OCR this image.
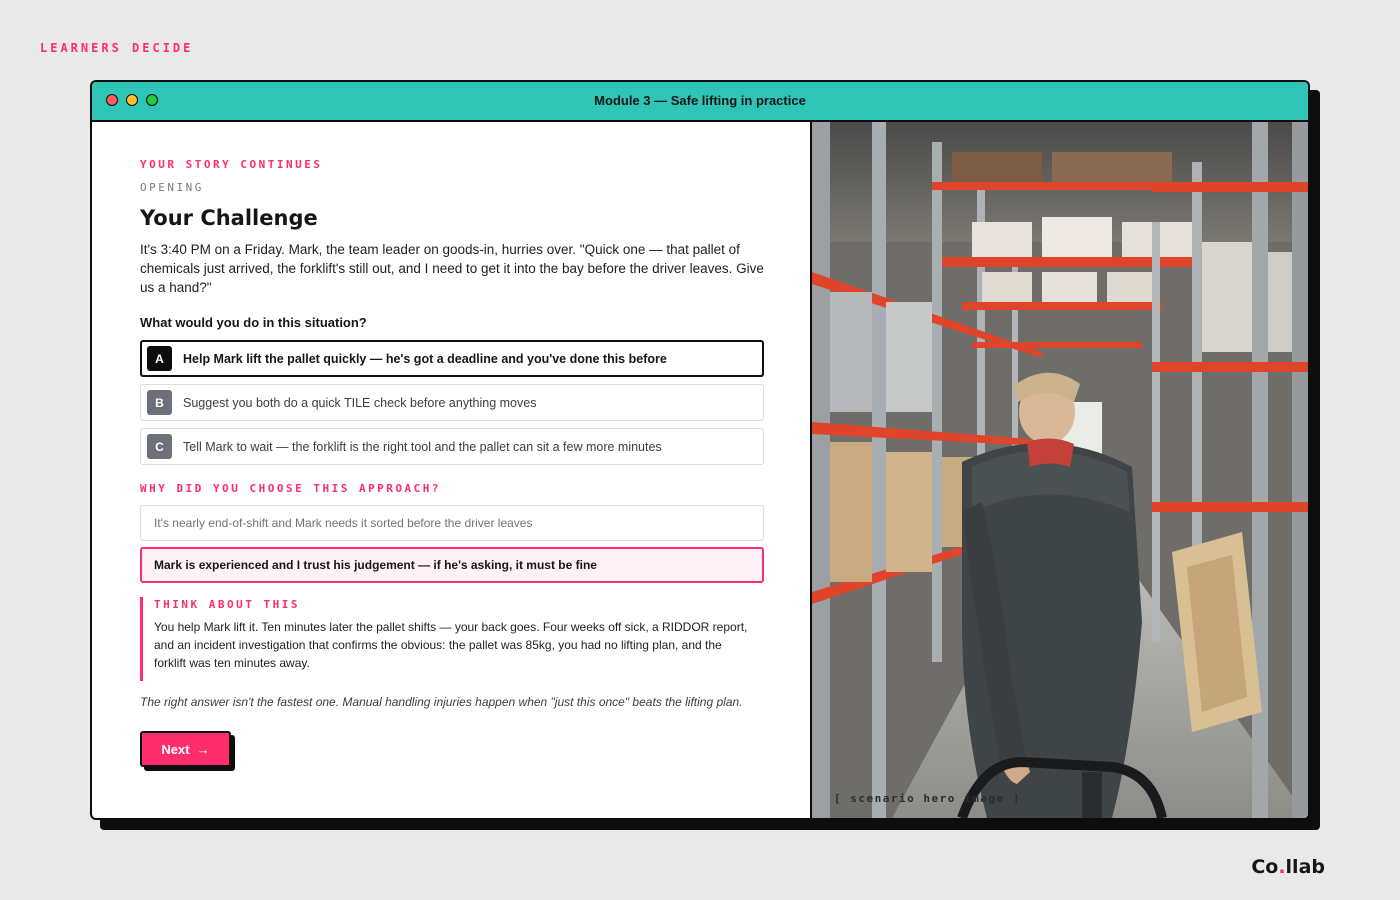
LEARNERS DECIDE
Module 3 — Safe lifting in practice
YOUR STORY CONTINUES
OPENING
Your Challenge

It's 3:40 PM on a Friday. Mark, the team leader on goods-in, hurries over. "Quick one — that pallet of chemicals just arrived, the forklift's still out, and I need to get it into the bay before the driver leaves. Give us a hand?"

What would you do in this situation?
A	Help Mark lift the pallet quickly — he's got a deadline and you've done this before
B	Suggest you both do a quick TILE check before anything moves
C	Tell Mark to wait — the forklift is the right tool and the pallet can sit a few more minutes
WHY DID YOU CHOOSE THIS APPROACH?
It's nearly end-of-shift and Mark needs it sorted before the driver leaves
Mark is experienced and I trust his judgement — if he's asking, it must be fine
THINK ABOUT THIS

You help Mark lift it. Ten minutes later the pallet shifts — your back goes. Four weeks off sick, a RIDDOR report, and an incident investigation that confirms the obvious: the pallet was 85kg, you had no lifting plan, and the forklift was ten minutes away.

The right answer isn't the fastest one. Manual handling injuries happen when "just this once" beats the lifting plan.

Next →
[ scenario hero image ]
Co.llab
